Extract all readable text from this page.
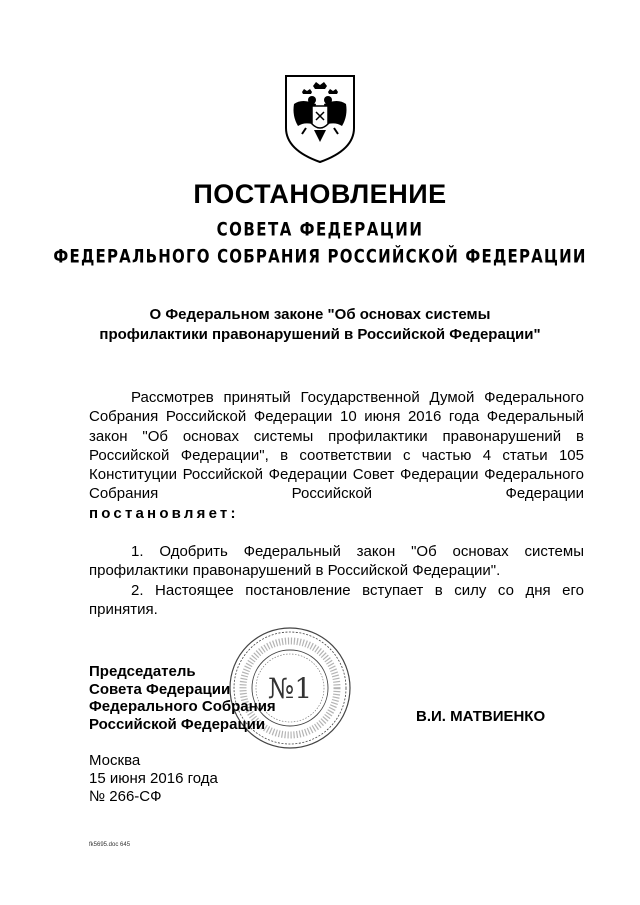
ПОСТАНОВЛЕНИЕ
СОВЕТА ФЕДЕРАЦИИ
ФЕДЕРАЛЬНОГО СОБРАНИЯ РОССИЙСКОЙ ФЕДЕРАЦИИ
О Федеральном законе "Об основах системы
профилактики правонарушений в Российской Федерации"

Рассмотрев принятый Государственной Думой Федерального Собрания Российской Федерации 10 июня 2016 года Федеральный закон "Об основах системы профилактики правонарушений в Российской Федерации", в соответствии с частью 4 статьи 105 Конституции Российской Федерации Совет Федерации Федерального Собрания Российской Федерации

постановляет:

1. Одобрить Федеральный закон "Об основах системы профилактики правонарушений в Российской Федерации".

2. Настоящее постановление вступает в силу со дня его принятия.

№1
Председатель
Совета Федерации
Федерального Собрания
Российской Федерации	В.И. МАТВИЕНКО
Москва
15 июня 2016 года
№ 266-СФ
fk5695.doc 645
